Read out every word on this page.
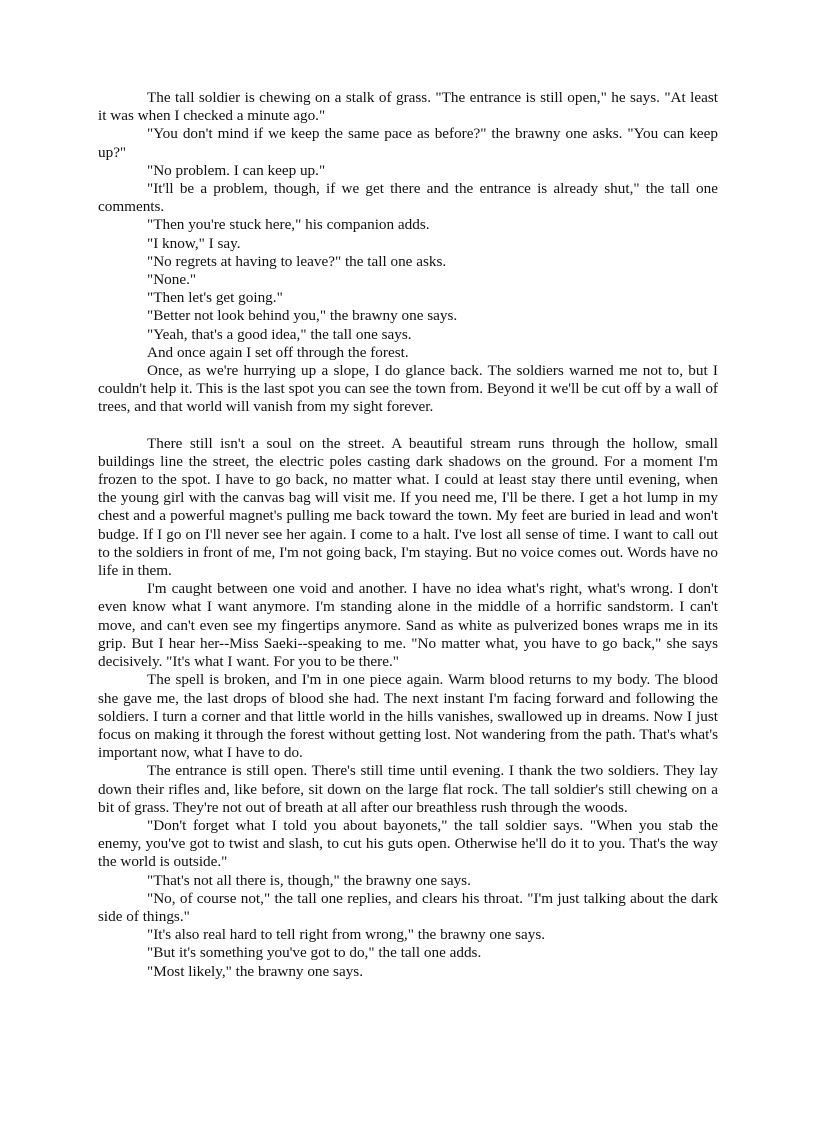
The tall soldier is chewing on a stalk of grass. "The entrance is still open," he says. "At least it was when I checked a minute ago."

"You don't mind if we keep the same pace as before?" the brawny one asks. "You can keep up?"

"No problem. I can keep up."

"It'll be a problem, though, if we get there and the entrance is already shut," the tall one comments.

"Then you're stuck here," his companion adds.

"I know," I say.

"No regrets at having to leave?" the tall one asks.

"None."

"Then let's get going."

"Better not look behind you," the brawny one says.

"Yeah, that's a good idea," the tall one says.

And once again I set off through the forest.

Once, as we're hurrying up a slope, I do glance back. The soldiers warned me not to, but I couldn't help it. This is the last spot you can see the town from. Beyond it we'll be cut off by a wall of trees, and that world will vanish from my sight forever.

There still isn't a soul on the street. A beautiful stream runs through the hollow, small buildings line the street, the electric poles casting dark shadows on the ground. For a moment I'm frozen to the spot. I have to go back, no matter what. I could at least stay there until evening, when the young girl with the canvas bag will visit me. If you need me, I'll be there. I get a hot lump in my chest and a powerful magnet's pulling me back toward the town. My feet are buried in lead and won't budge. If I go on I'll never see her again. I come to a halt. I've lost all sense of time. I want to call out to the soldiers in front of me, I'm not going back, I'm staying. But no voice comes out. Words have no life in them.

I'm caught between one void and another. I have no idea what's right, what's wrong. I don't even know what I want anymore. I'm standing alone in the middle of a horrific sandstorm. I can't move, and can't even see my fingertips anymore. Sand as white as pulverized bones wraps me in its grip. But I hear her--Miss Saeki--speaking to me. "No matter what, you have to go back," she says decisively. "It's what I want. For you to be there."

The spell is broken, and I'm in one piece again. Warm blood returns to my body. The blood she gave me, the last drops of blood she had. The next instant I'm facing forward and following the soldiers. I turn a corner and that little world in the hills vanishes, swallowed up in dreams. Now I just focus on making it through the forest without getting lost. Not wandering from the path. That's what's important now, what I have to do.

The entrance is still open. There's still time until evening. I thank the two soldiers. They lay down their rifles and, like before, sit down on the large flat rock. The tall soldier's still chewing on a bit of grass. They're not out of breath at all after our breathless rush through the woods.

"Don't forget what I told you about bayonets," the tall soldier says. "When you stab the enemy, you've got to twist and slash, to cut his guts open. Otherwise he'll do it to you. That's the way the world is outside."

"That's not all there is, though," the brawny one says.

"No, of course not," the tall one replies, and clears his throat. "I'm just talking about the dark side of things."

"It's also real hard to tell right from wrong," the brawny one says.

"But it's something you've got to do," the tall one adds.

"Most likely," the brawny one says.
